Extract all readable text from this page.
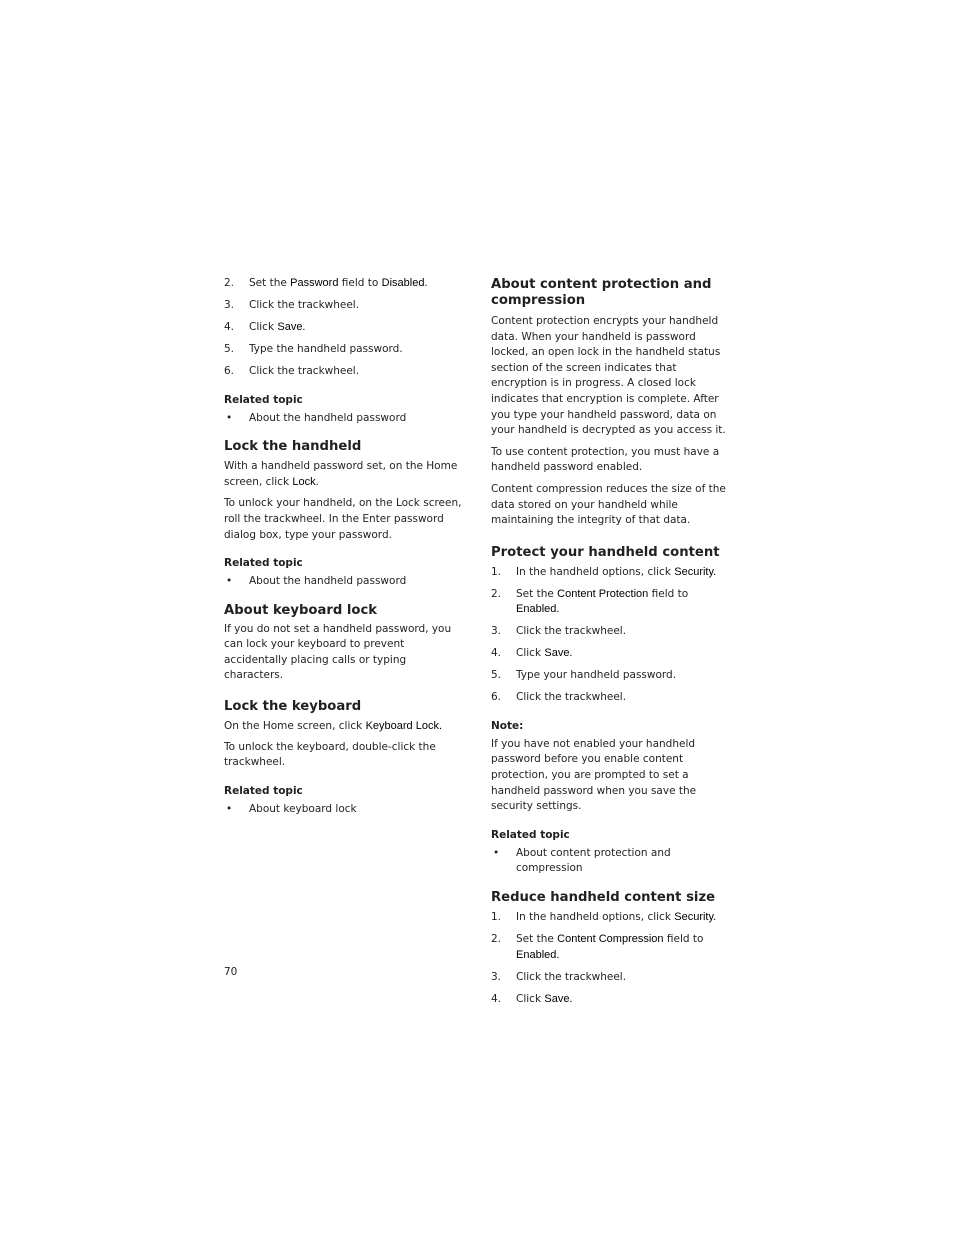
2. Set the Password field to Disabled.
3. Click the trackwheel.
4. Click Save.
5. Type the handheld password.
6. Click the trackwheel.
Related topic
• About the handheld password
Lock the handheld

With a handheld password set, on the Home screen, click Lock.

To unlock your handheld, on the Lock screen, roll the trackwheel. In the Enter password dialog box, type your password.

Related topic
• About the handheld password
About keyboard lock

If you do not set a handheld password, you can lock your keyboard to prevent accidentally placing calls or typing characters.

Lock the keyboard

On the Home screen, click Keyboard Lock.

To unlock the keyboard, double-click the trackwheel.

Related topic
• About keyboard lock
About content protection and compression

Content protection encrypts your handheld data. When your handheld is password locked, an open lock in the handheld status section of the screen indicates that encryption is in progress. A closed lock indicates that encryption is complete. After you type your handheld password, data on your handheld is decrypted as you access it.

To use content protection, you must have a handheld password enabled.

Content compression reduces the size of the data stored on your handheld while maintaining the integrity of that data.

Protect your handheld content
1. In the handheld options, click Security.
2. Set the Content Protection field to Enabled.
3. Click the trackwheel.
4. Click Save.
5. Type your handheld password.
6. Click the trackwheel.
Note:

If you have not enabled your handheld password before you enable content protection, you are prompted to set a handheld password when you save the security settings.

Related topic
• About content protection and compression
Reduce handheld content size
1. In the handheld options, click Security.
2. Set the Content Compression field to
Enabled.
3. Click the trackwheel.
4. Click Save.
70
